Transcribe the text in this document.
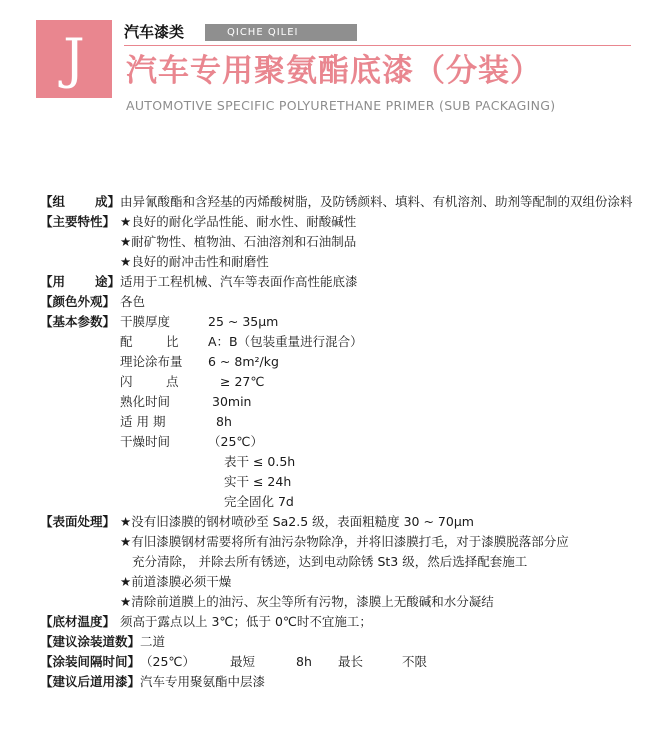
J	汽车漆类	QICHE QILEI
汽车专用聚氨酯底漆（分装）
AUTOMOTIVE SPECIFIC POLYURETHANE PRIMER (SUB PACKAGING)
【组 成】 由异氰酸酯和含羟基的丙烯酸树脂，及防锈颜料、填料、有机溶剂、助剂等配制的双组份涂料
【主要特性】 ★良好的耐化学品性能、耐水性、耐酸碱性
★耐矿物性、植物油、石油溶剂和石油制品
★良好的耐冲击性和耐磨性
【用 途】 适用于工程机械、汽车等表面作高性能底漆
【颜色外观】 各色
【基本参数】 干膜厚度	25 ~ 35μm
配	比 A：B（包装重量进行混合）
理论涂布量 6 ~ 8m²/kg
闪	点	≥ 27℃
熟化时间	30min
适 用 期	8h
干燥时间	（25℃）
表干 ≤ 0.5h
实干 ≤ 24h
完全固化 7d
【表面处理】 ★没有旧漆膜的钢材喷砂至 Sa2.5 级，表面粗糙度 30 ~ 70μm
★有旧漆膜钢材需要将所有油污杂物除净，并将旧漆膜打毛，对于漆膜脱落部分应
充分清除， 并除去所有锈迹，达到电动除锈 St3 级，然后选择配套施工
★前道漆膜必须干燥
★清除前道膜上的油污、灰尘等所有污物，漆膜上无酸碱和水分凝结
【底材温度】 须高于露点以上 3℃；低于 0℃时不宜施工；
【建议涂装道数】 二道
【涂装间隔时间】 （25℃）	最短	8h 最长	不限
【建议后道用漆】 汽车专用聚氨酯中层漆
